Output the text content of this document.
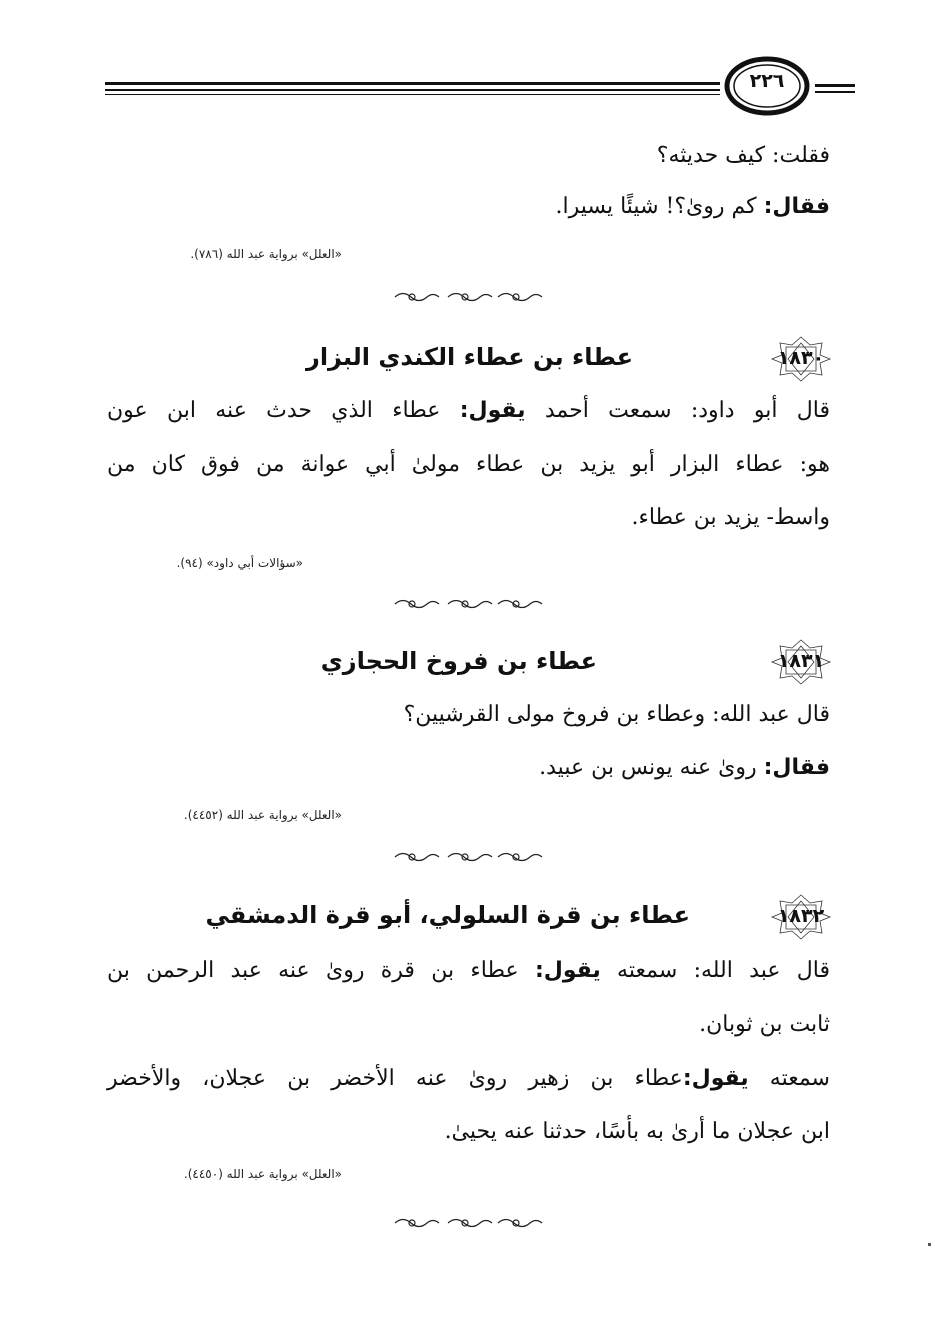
٢٢٦
فقلت: كيف حديثه؟
فقال: كم روىٰ؟! شيئًا يسيرا.
«العلل» برواية عبد الله (٧٨٦).
١٨٣٠
عطاء بن عطاء الكندي البزار
قال أبو داود: سمعت أحمد يقول: عطاء الذي حدث عنه ابن عون
هو: عطاء البزار أبو يزيد بن عطاء مولىٰ أبي عوانة من فوق كان من
واسط- يزيد بن عطاء.
«سؤالات أبي داود» (٩٤).
١٨٣١
عطاء بن فروخ الحجازي
قال عبد الله: وعطاء بن فروخ مولى القرشيين؟
فقال: روىٰ عنه يونس بن عبيد.
«العلل» برواية عبد الله (٤٤٥٢).
١٨٣٢
عطاء بن قرة السلولي، أبو قرة الدمشقي
قال عبد الله: سمعته يقول: عطاء بن قرة روىٰ عنه عبد الرحمن بن
ثابت بن ثوبان.
سمعته يقول:عطاء بن زهير روىٰ عنه الأخضر بن عجلان، والأخضر
ابن عجلان ما أرىٰ به بأسًا، حدثنا عنه يحيىٰ.
«العلل» برواية عبد الله (٤٤٥٠).
